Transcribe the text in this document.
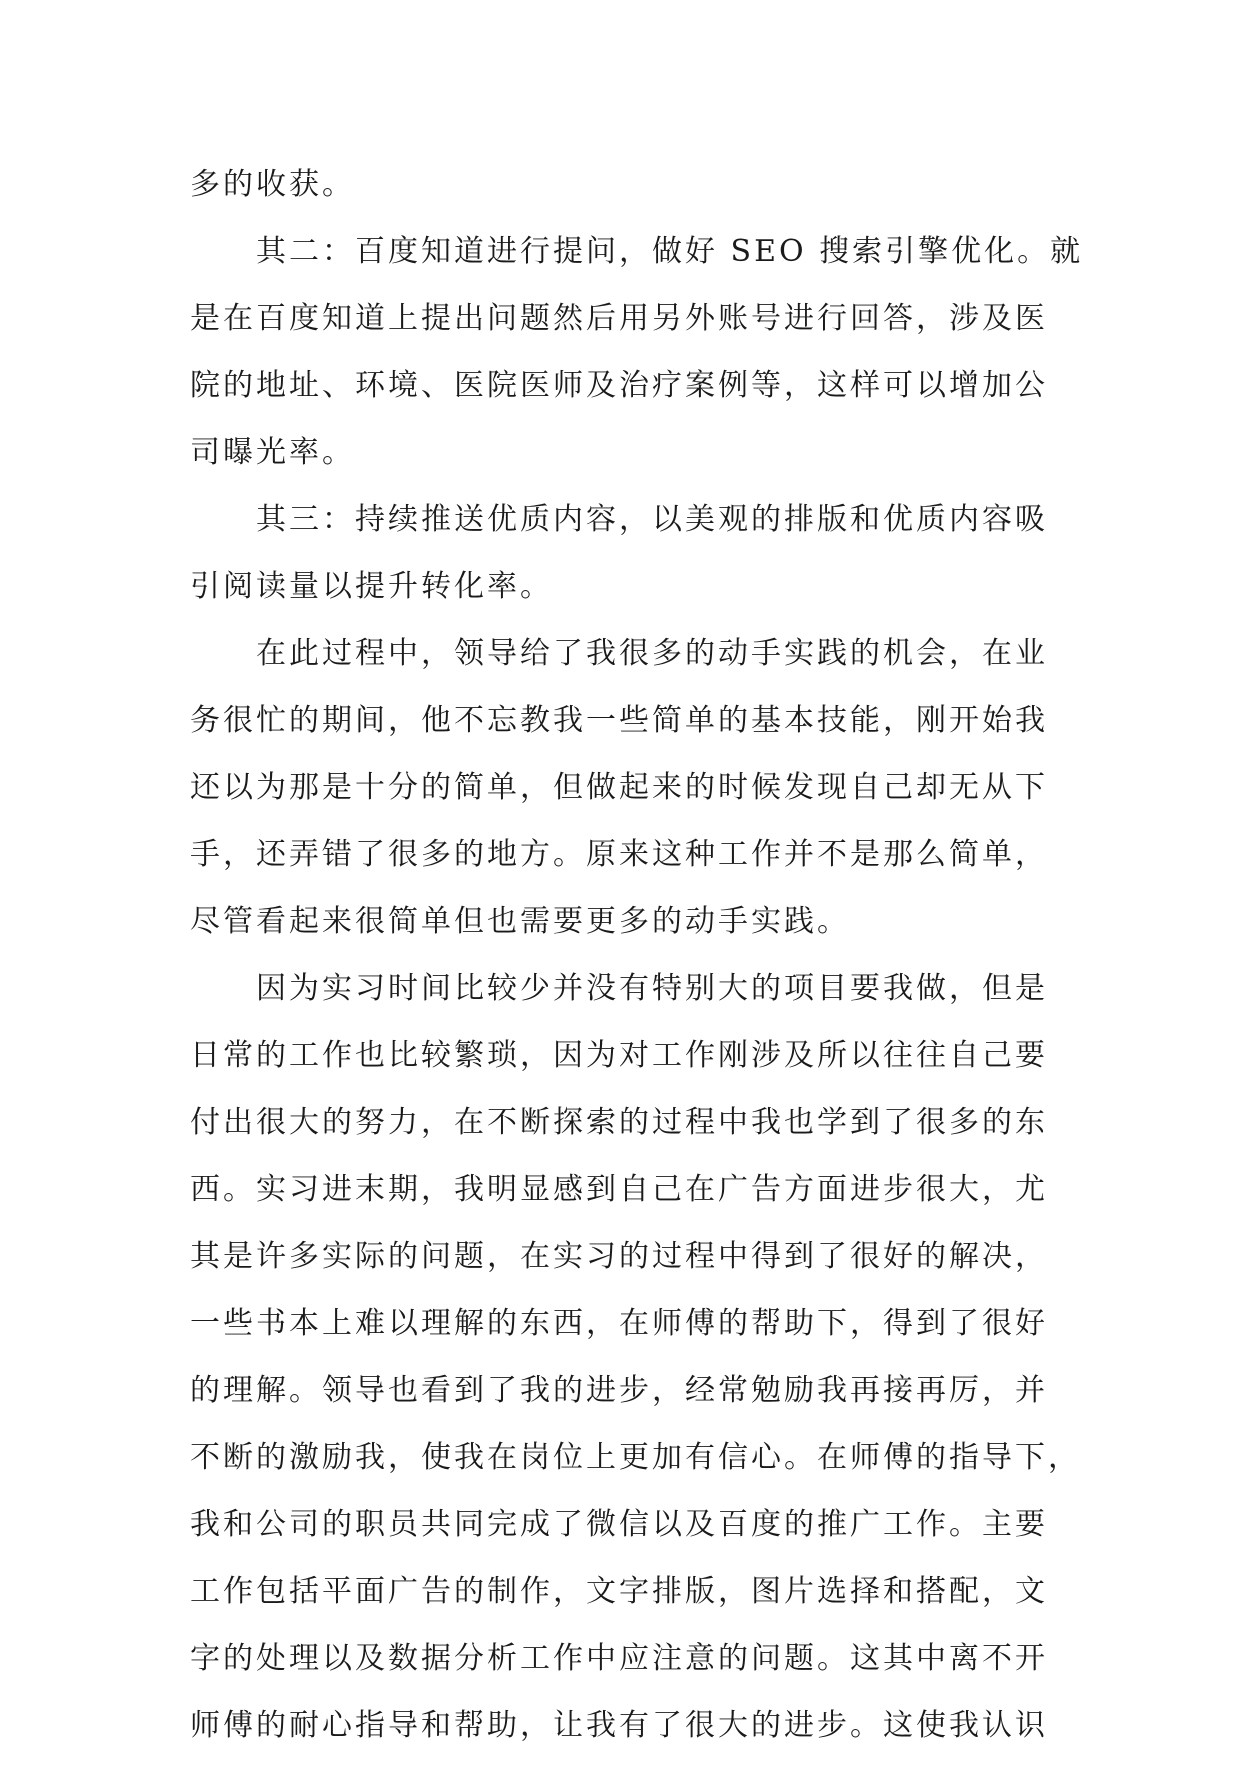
多的收获。
其二：百度知道进行提问，做好 SEO 搜索引擎优化。就
是在百度知道上提出问题然后用另外账号进行回答，涉及医
院的地址、环境、医院医师及治疗案例等，这样可以增加公
司曝光率。
其三：持续推送优质内容，以美观的排版和优质内容吸
引阅读量以提升转化率。
在此过程中，领导给了我很多的动手实践的机会，在业
务很忙的期间，他不忘教我一些简单的基本技能，刚开始我
还以为那是十分的简单，但做起来的时候发现自己却无从下
手，还弄错了很多的地方。原来这种工作并不是那么简单，
尽管看起来很简单但也需要更多的动手实践。
因为实习时间比较少并没有特别大的项目要我做，但是
日常的工作也比较繁琐，因为对工作刚涉及所以往往自己要
付出很大的努力，在不断探索的过程中我也学到了很多的东
西。实习进末期，我明显感到自己在广告方面进步很大，尤
其是许多实际的问题，在实习的过程中得到了很好的解决，
一些书本上难以理解的东西，在师傅的帮助下，得到了很好
的理解。领导也看到了我的进步，经常勉励我再接再厉，并
不断的激励我，使我在岗位上更加有信心。在师傅的指导下，
我和公司的职员共同完成了微信以及百度的推广工作。主要
工作包括平面广告的制作，文字排版，图片选择和搭配，文
字的处理以及数据分析工作中应注意的问题。这其中离不开
师傅的耐心指导和帮助，让我有了很大的进步。这使我认识
